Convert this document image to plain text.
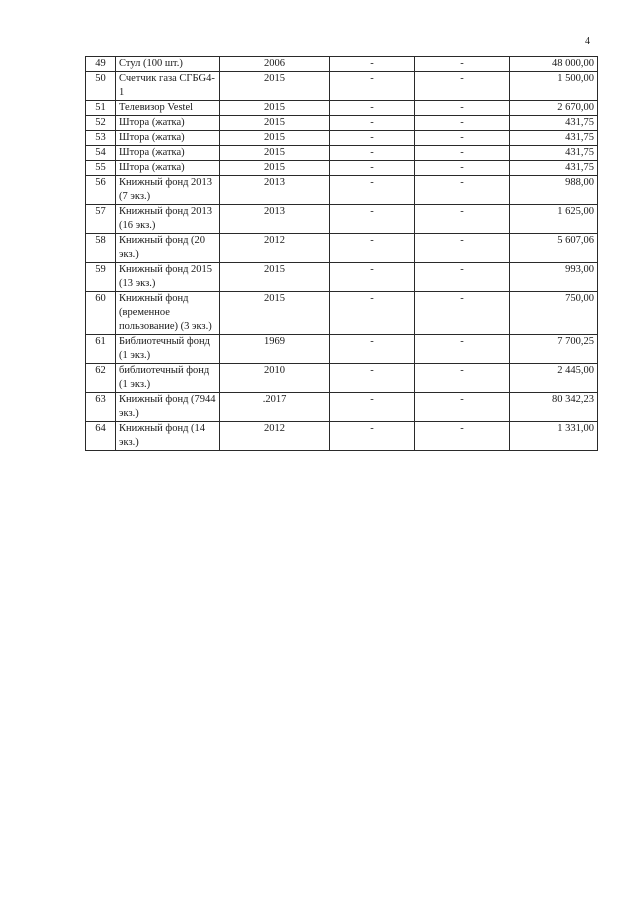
4
49	Стул (100 шт.)	2006	-	-	48 000,00
50	Счетчик газа СГБG4-1	2015	-	-	1 500,00
51	Телевизор Vestel	2015	-	-	2 670,00
52	Штора (жатка)	2015	-	-	431,75
53	Штора (жатка)	2015	-	-	431,75
54	Штора (жатка)	2015	-	-	431,75
55	Штора (жатка)	2015	-	-	431,75
56	Книжный фонд 2013 (7 экз.)	2013	-	-	988,00
57	Книжный фонд 2013 (16 экз.)	2013	-	-	1 625,00
58	Книжный фонд (20 экз.)	2012	-	-	5 607,06
59	Книжный фонд 2015 (13 экз.)	2015	-	-	993,00
60	Книжный фонд (временное пользование) (3 экз.)	2015	-	-	750,00
61	Библиотечный фонд (1 экз.)	1969	-	-	7 700,25
62	библиотечный фонд (1 экз.)	2010	-	-	2 445,00
63	Книжный фонд (7944 экз.)	.2017	-	-	80 342,23
64	Книжный фонд (14 экз.)	2012	-	-	1 331,00
